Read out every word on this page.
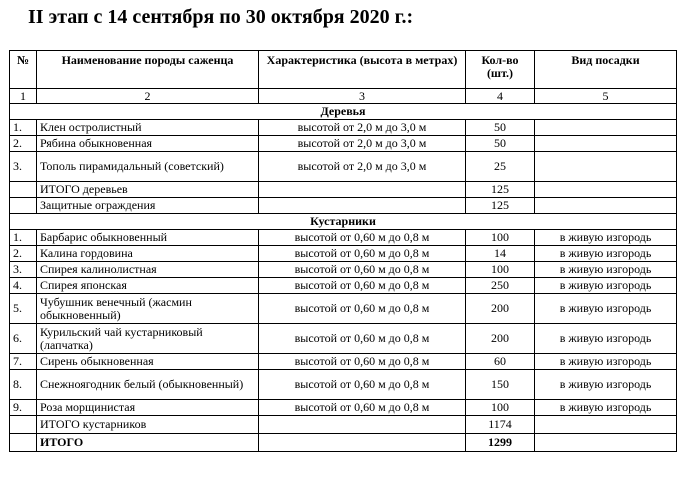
II этап с 14 сентября по 30 октября 2020 г.:
№	Наименование породы саженца	Характеристика (высота в метрах)	Кол-во (шт.)	Вид посадки
1	2	3	4	5
Деревья				
1.	Клен остролистный	высотой от 2,0 м до 3,0 м	50	
2.	Рябина обыкновенная	высотой от 2,0 м до 3,0 м	50	
3.	Тополь пирамидальный (советский)	высотой от 2,0 м до 3,0 м	25	
	ИТОГО деревьев		125	
	Защитные ограждения		125	
Кустарники				
1.	Барбарис обыкновенный	высотой от 0,60 м до 0,8 м	100	в живую изгородь
2.	Калина гордовина	высотой от 0,60 м до 0,8 м	14	в живую изгородь
3.	Спирея калинолистная	высотой от 0,60 м до 0,8 м	100	в живую изгородь
4.	Спирея японская	высотой от 0,60 м до 0,8 м	250	в живую изгородь
5.	Чубушник венечный (жасмин обыкновенный)	высотой от 0,60 м до 0,8 м	200	в живую изгородь
6.	Курильский чай кустарниковый (лапчатка)	высотой от 0,60 м до 0,8 м	200	в живую изгородь
7.	Сирень обыкновенная	высотой от 0,60 м до 0,8 м	60	в живую изгородь
8.	Снежноягодник белый (обыкновенный)	высотой от 0,60 м до 0,8 м	150	в живую изгородь
9.	Роза морщинистая	высотой от 0,60 м до 0,8 м	100	в живую изгородь
	ИТОГО кустарников		1174	
	ИТОГО		1299	
